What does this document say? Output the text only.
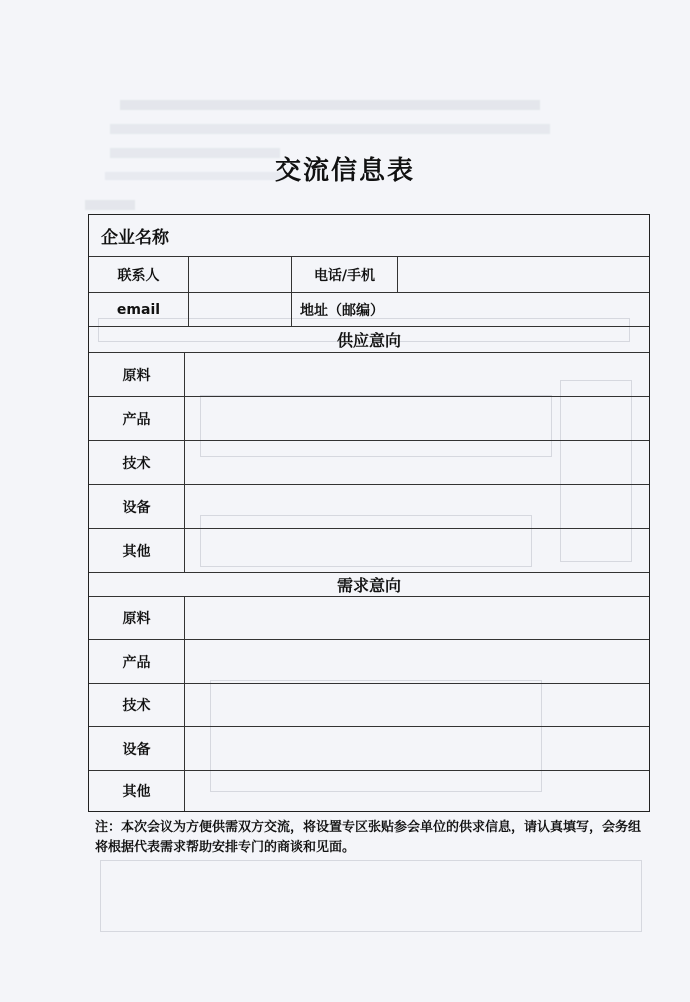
交流信息表
企业名称
联系人	电话/手机
email	地址（邮编）
供应意向
原料
产品
技术
设备
其他
需求意向
原料
产品
技术
设备
其他
注：本次会议为方便供需双方交流，将设置专区张贴参会单位的供求信息，请认真填写，会务组将根据代表需求帮助安排专门的商谈和见面。
